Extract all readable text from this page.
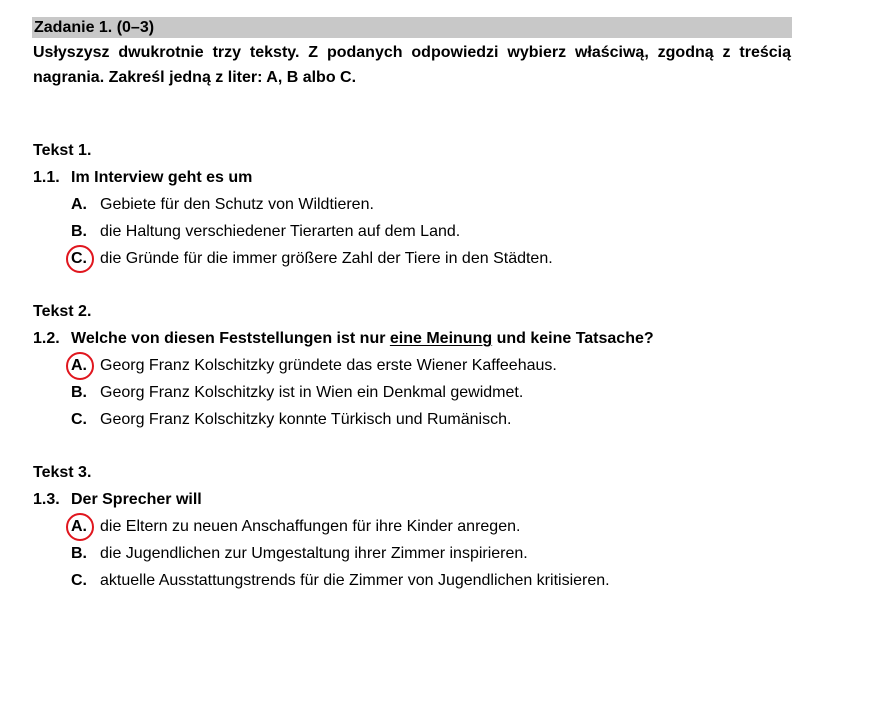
Zadanie 1. (0–3)
Usłyszysz dwukrotnie trzy teksty. Z podanych odpowiedzi wybierz właściwą, zgodną z treścią nagrania. Zakreśl jedną z liter: A, B albo C.
Tekst 1.
1.1. Im Interview geht es um
A. Gebiete für den Schutz von Wildtieren.
B. die Haltung verschiedener Tierarten auf dem Land.
C. die Gründe für die immer größere Zahl der Tiere in den Städten.
Tekst 2.
1.2. Welche von diesen Feststellungen ist nur eine Meinung und keine Tatsache?
A. Georg Franz Kolschitzky gründete das erste Wiener Kaffeehaus.
B. Georg Franz Kolschitzky ist in Wien ein Denkmal gewidmet.
C. Georg Franz Kolschitzky konnte Türkisch und Rumänisch.
Tekst 3.
1.3. Der Sprecher will
A. die Eltern zu neuen Anschaffungen für ihre Kinder anregen.
B. die Jugendlichen zur Umgestaltung ihrer Zimmer inspirieren.
C. aktuelle Ausstattungstrends für die Zimmer von Jugendlichen kritisieren.
